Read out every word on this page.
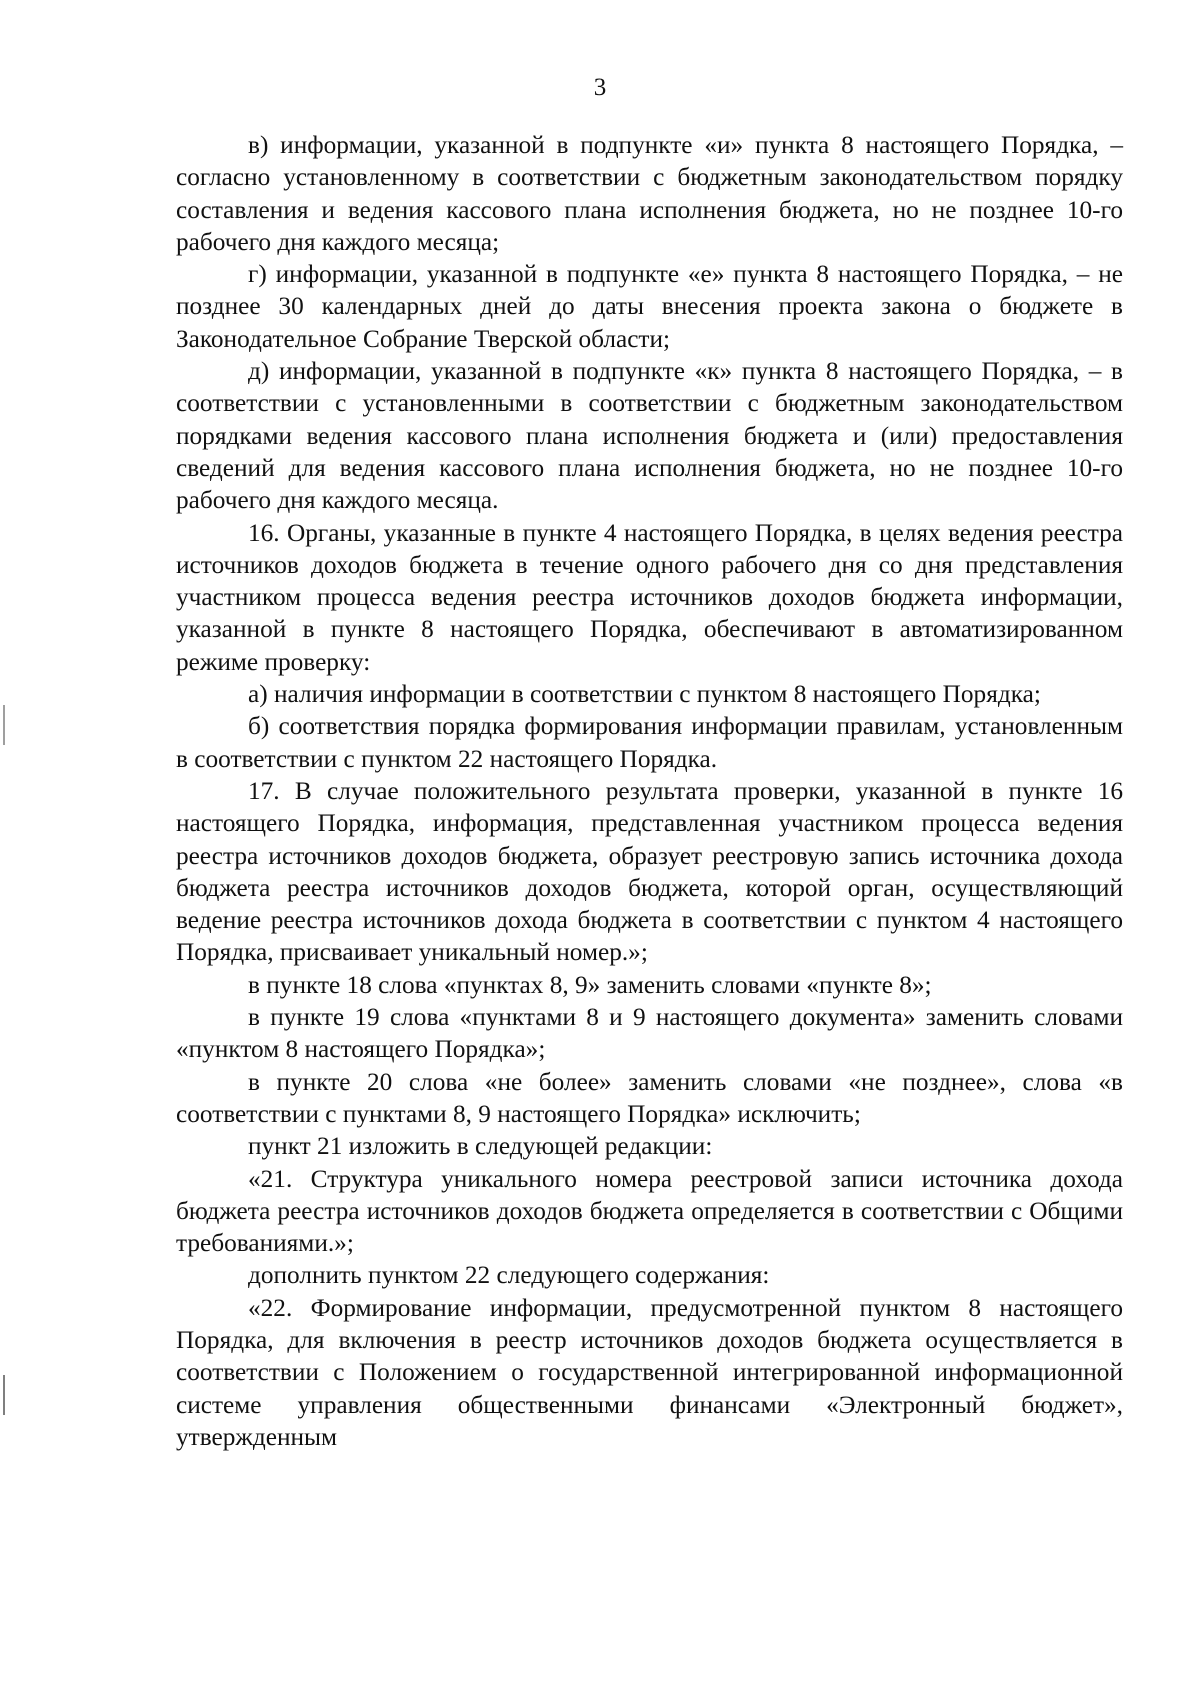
3

в) информации, указанной в подпункте «и» пункта 8 настоящего Порядка, – согласно установленному в соответствии с бюджетным законодательством порядку составления и ведения кассового плана исполнения бюджета, но не позднее 10-го рабочего дня каждого месяца;

г) информации, указанной в подпункте «е» пункта 8 настоящего Порядка, – не позднее 30 календарных дней до даты внесения проекта закона о бюджете в Законодательное Собрание Тверской области;

д) информации, указанной в подпункте «к» пункта 8 настоящего Порядка, – в соответствии с установленными в соответствии с бюджетным законодательством порядками ведения кассового плана исполнения бюджета и (или) предоставления сведений для ведения кассового плана исполнения бюджета, но не позднее 10-го рабочего дня каждого месяца.

16. Органы, указанные в пункте 4 настоящего Порядка, в целях ведения реестра источников доходов бюджета в течение одного рабочего дня со дня представления участником процесса ведения реестра источников доходов бюджета информации, указанной в пункте 8 настоящего Порядка, обеспечивают в автоматизированном режиме проверку:

а) наличия информации в соответствии с пунктом 8 настоящего Порядка;

б) соответствия порядка формирования информации правилам, установленным в соответствии с пунктом 22 настоящего Порядка.

17. В случае положительного результата проверки, указанной в пункте 16 настоящего Порядка, информация, представленная участником процесса ведения реестра источников доходов бюджета, образует реестровую запись источника дохода бюджета реестра источников доходов бюджета, которой орган, осуществляющий ведение реестра источников дохода бюджета в соответствии с пунктом 4 настоящего Порядка, присваивает уникальный номер.»;

в пункте 18 слова «пунктах 8, 9» заменить словами «пункте 8»;

в пункте 19 слова «пунктами 8 и 9 настоящего документа» заменить словами «пунктом 8 настоящего Порядка»;

в пункте 20 слова «не более» заменить словами «не позднее», слова «в соответствии с пунктами 8, 9 настоящего Порядка» исключить;

пункт 21 изложить в следующей редакции:

«21. Структура уникального номера реестровой записи источника дохода бюджета реестра источников доходов бюджета определяется в соответствии с Общими требованиями.»;

дополнить пунктом 22 следующего содержания:

«22. Формирование информации, предусмотренной пунктом 8 настоящего Порядка, для включения в реестр источников доходов бюджета осуществляется в соответствии с Положением о государственной интегрированной информационной системе управления общественными финансами «Электронный бюджет», утвержденным
